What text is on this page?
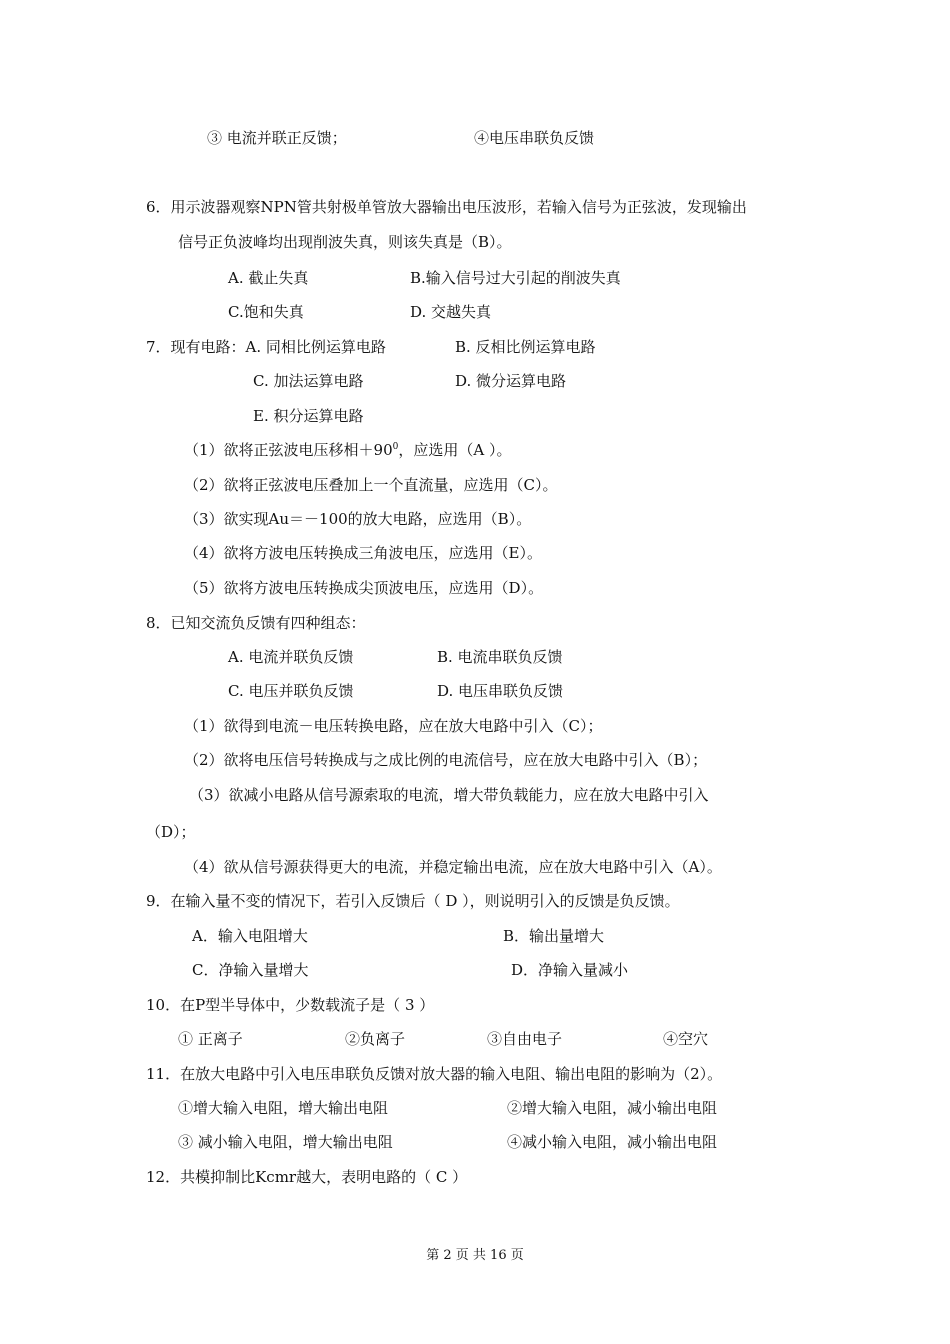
③ 电流并联正反馈；	④电压串联负反馈
6．用示波器观察NPN管共射极单管放大器输出电压波形，若输入信号为正弦波，发现输出
信号正负波峰均出现削波失真，则该失真是（B）。
A. 截止失真	B.输入信号过大引起的削波失真
C.饱和失真	D. 交越失真
7．现有电路：A. 同相比例运算电路	B. 反相比例运算电路
C. 加法运算电路	D. 微分运算电路
E. 积分运算电路
（1）欲将正弦波电压移相$+90^0$，应选用（A ）。
（2）欲将正弦波电压叠加上一个直流量，应选用（C）。
（3）欲实现Au＝－100的放大电路，应选用（B）。
（4）欲将方波电压转换成三角波电压，应选用（E）。
（5）欲将方波电压转换成尖顶波电压，应选用（D）。
8．已知交流负反馈有四种组态：
A. 电流并联负反馈	B. 电流串联负反馈
C. 电压并联负反馈	D. 电压串联负反馈
（1）欲得到电流－电压转换电路，应在放大电路中引入（C）；
（2）欲将电压信号转换成与之成比例的电流信号，应在放大电路中引入（B）；
（3）欲减小电路从信号源索取的电流，增大带负载能力，应在放大电路中引入
（D）；
（4）欲从信号源获得更大的电流，并稳定输出电流，应在放大电路中引入（A）。
9．在输入量不变的情况下，若引入反馈后（ D ），则说明引入的反馈是负反馈。
A．输入电阻增大	B．输出量增大
C．净输入量增大	D．净输入量减小
10．在P型半导体中，少数载流子是（ 3 ）
① 正离子	②负离子	③自由电子	④空穴
11．在放大电路中引入电压串联负反馈对放大器的输入电阻、输出电阻的影响为（2）。
①增大输入电阻，增大输出电阻	②增大输入电阻，减小输出电阻
③ 减小输入电阻，增大输出电阻	④减小输入电阻，减小输出电阻
12．共模抑制比Kcmr越大，表明电路的（ C ）
第 2 页 共 16 页
